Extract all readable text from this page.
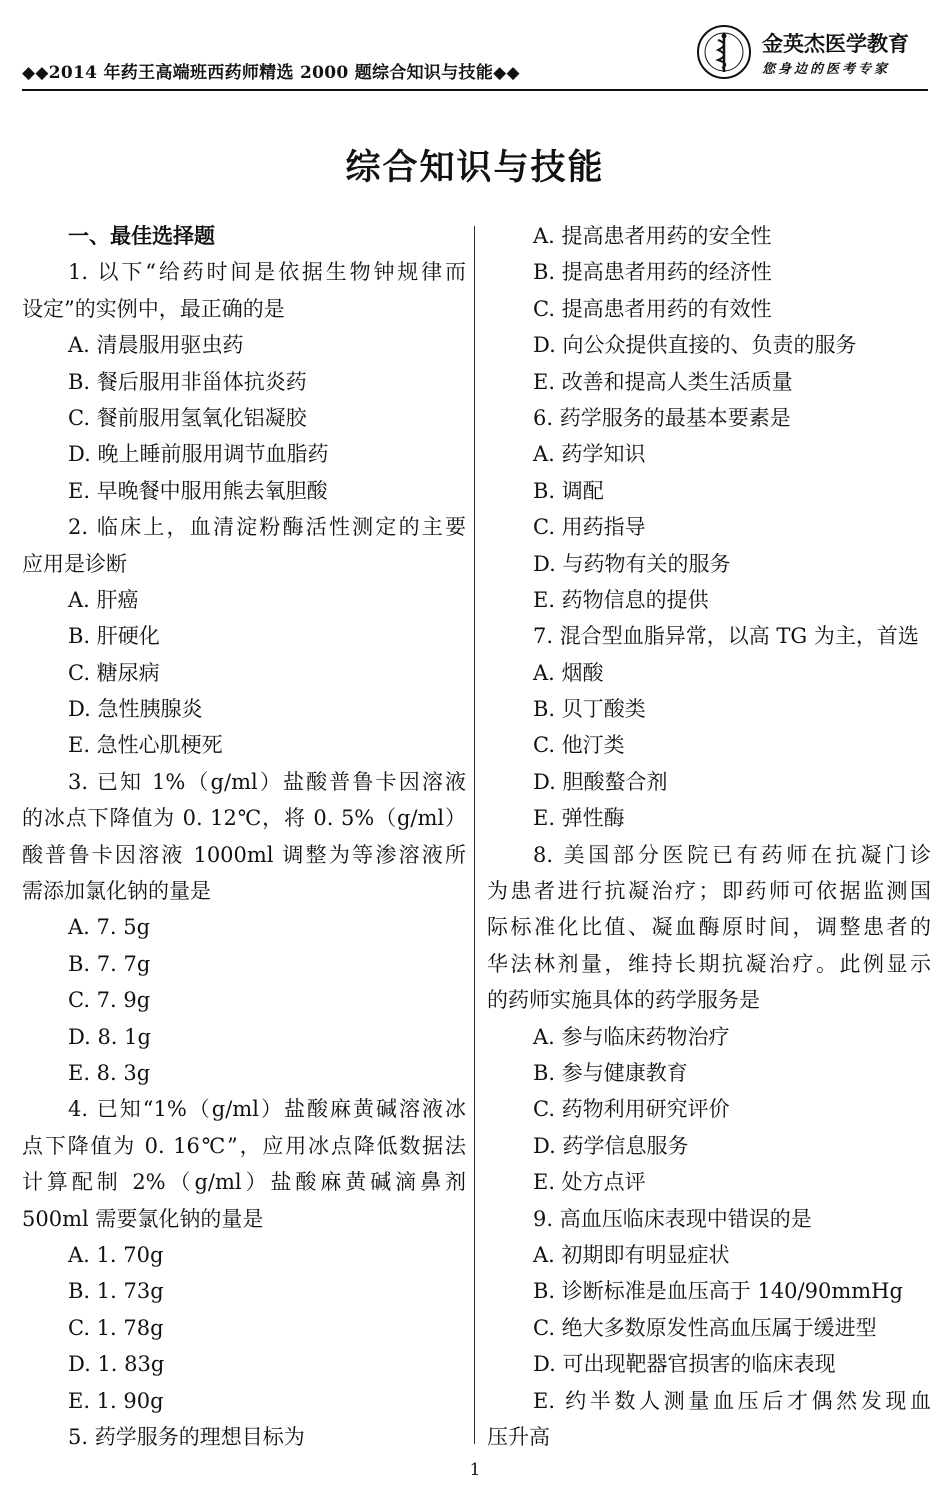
◆◆2014 年药王高端班西药师精选 2000 题综合知识与技能◆◆
金英杰医学教育
您身边的医考专家
综合知识与技能
一、最佳选择题
1. 以下“给药时间是依据生物钟规律而
设定”的实例中，最正确的是
A. 清晨服用驱虫药
B. 餐后服用非甾体抗炎药
C. 餐前服用氢氧化铝凝胶
D. 晚上睡前服用调节血脂药
E. 早晚餐中服用熊去氧胆酸
2. 临床上，血清淀粉酶活性测定的主要
应用是诊断
A. 肝癌
B. 肝硬化
C. 糖尿病
D. 急性胰腺炎
E. 急性心肌梗死
3. 已知 1%（g/ml）盐酸普鲁卡因溶液
的冰点下降值为 0. 12℃，将 0. 5%（g/ml）
酸普鲁卡因溶液 1000ml 调整为等渗溶液所
需添加氯化钠的量是
A. 7. 5g
B. 7. 7g
C. 7. 9g
D. 8. 1g
E. 8. 3g
4. 已知“1%（g/ml）盐酸麻黄碱溶液冰
点下降值为 0. 16℃”，应用冰点降低数据法
计算配制 2%（g/ml）盐酸麻黄碱滴鼻剂
500ml 需要氯化钠的量是
A. 1. 70g
B. 1. 73g
C. 1. 78g
D. 1. 83g
E. 1. 90g
5. 药学服务的理想目标为
A. 提高患者用药的安全性
B. 提高患者用药的经济性
C. 提高患者用药的有效性
D. 向公众提供直接的、负责的服务
E. 改善和提高人类生活质量
6. 药学服务的最基本要素是
A. 药学知识
B. 调配
C. 用药指导
D. 与药物有关的服务
E. 药物信息的提供
7. 混合型血脂异常，以高 TG 为主，首选
A. 烟酸
B. 贝丁酸类
C. 他汀类
D. 胆酸螯合剂
E. 弹性酶
8. 美国部分医院已有药师在抗凝门诊
为患者进行抗凝治疗；即药师可依据监测国
际标准化比值、凝血酶原时间，调整患者的
华法林剂量，维持长期抗凝治疗。此例显示
的药师实施具体的药学服务是
A. 参与临床药物治疗
B. 参与健康教育
C. 药物利用研究评价
D. 药学信息服务
E. 处方点评
9. 高血压临床表现中错误的是
A. 初期即有明显症状
B. 诊断标准是血压高于 140/90mmHg
C. 绝大多数原发性高血压属于缓进型
D. 可出现靶器官损害的临床表现
E. 约半数人测量血压后才偶然发现血
压升高
1
